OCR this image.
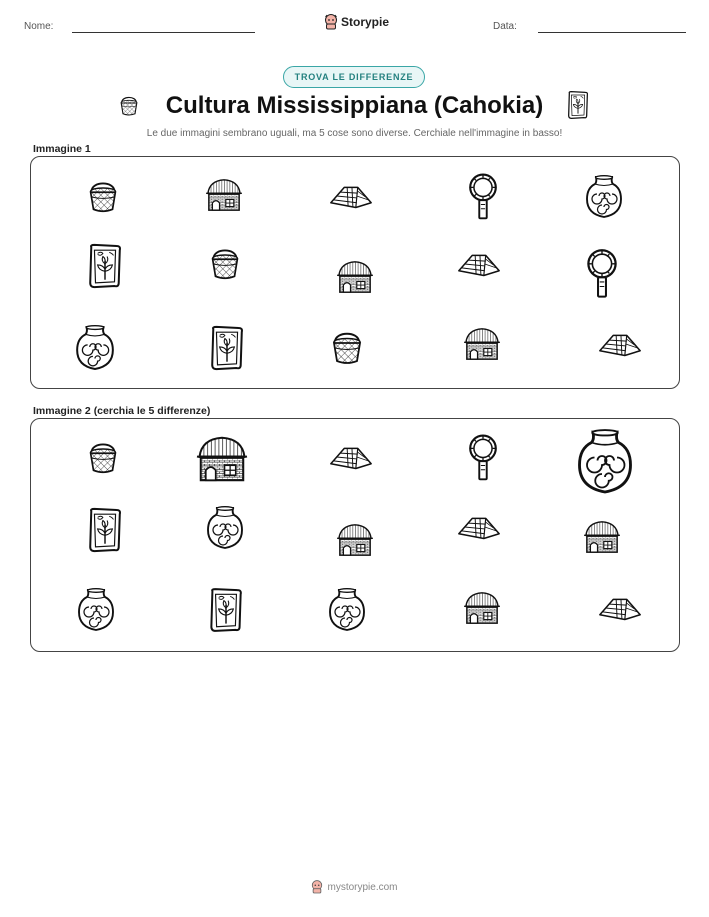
Nome:	Storypie	Data:
TROVA LE DIFFERENZE
Cultura Mississippiana (Cahokia)
Le due immagini sembrano uguali, ma 5 cose sono diverse. Cerchiale nell'immagine in basso!
Immagine 1
Immagine 2 (cerchia le 5 differenze)
mystorypie.com
